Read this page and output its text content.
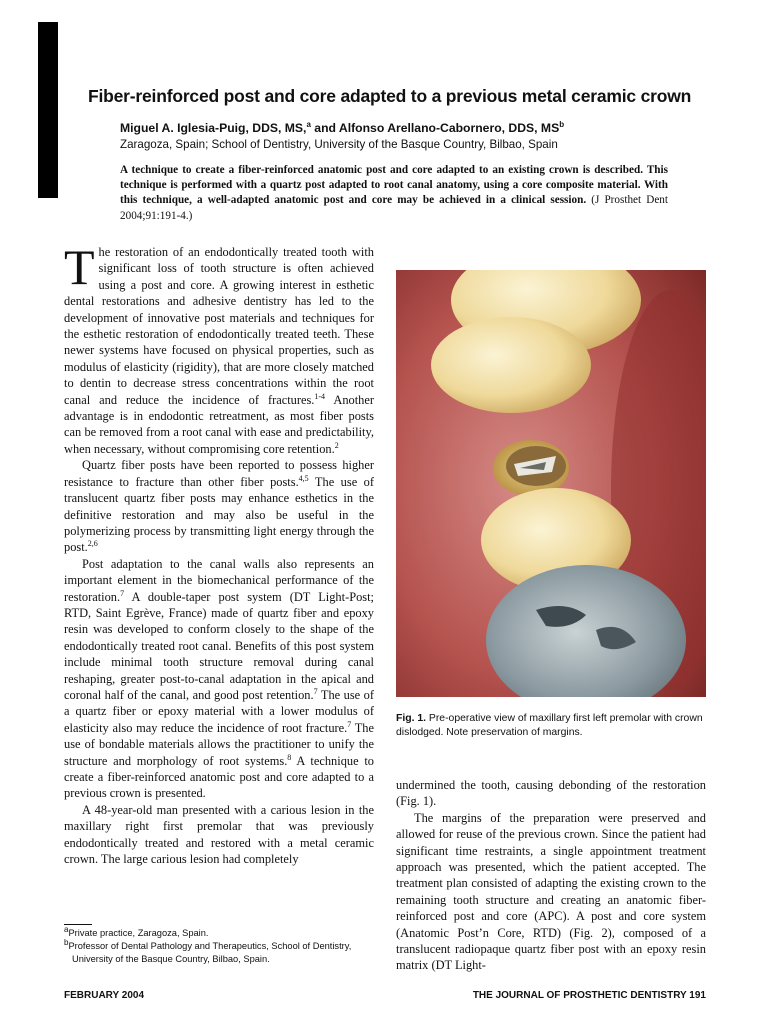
Fiber-reinforced post and core adapted to a previous metal ceramic crown
Miguel A. Iglesia-Puig, DDS, MS,$^a$ and Alfonso Arellano-Cabornero, DDS, $MS^b$
Zaragoza, Spain; School of Dentistry, University of the Basque Country, Bilbao, Spain
A technique to create a fiber-reinforced anatomic post and core adapted to an existing crown is described. This technique is performed with a quartz post adapted to root canal anatomy, using a core composite material. With this technique, a well-adapted anatomic post and core may be achieved in a clinical session. (J Prosthet Dent 2004;91:191-4.)

The restoration of an endodontically treated tooth with significant loss of tooth structure is often achieved using a post and core. A growing interest in esthetic dental restorations and adhesive dentistry has led to the development of innovative post materials and techniques for the esthetic restoration of endodontically treated teeth. These newer systems have focused on physical properties, such as modulus of elasticity (rigidity), that are more closely matched to dentin to decrease stress concentrations within the root canal and reduce the incidence of fractures.$^{1-4}$ Another advantage is in endodontic retreatment, as most fiber posts can be removed from a root canal with ease and predictability, when necessary, without compromising core retention.$^2$

Quartz fiber posts have been reported to possess higher resistance to fracture than other fiber posts.$^{4,5}$ The use of translucent quartz fiber posts may enhance esthetics in the definitive restoration and may also be useful in the polymerizing process by transmitting light energy through the post.$^{2,6}$

Post adaptation to the canal walls also represents an important element in the biomechanical performance of the restoration.$^7$ A double-taper post system (DT Light-Post; RTD, Saint Egrève, France) made of quartz fiber and epoxy resin was developed to conform closely to the shape of the endodontically treated root canal. Benefits of this post system include minimal tooth structure removal during canal reshaping, greater post-to-canal adaptation in the apical and coronal half of the canal, and good post retention.$^7$ The use of a quartz fiber or epoxy material with a lower modulus of elasticity also may reduce the incidence of root fracture.$^7$ The use of bondable materials allows the practitioner to unify the structure and morphology of root systems.$^8$ A technique to create a fiber-reinforced anatomic post and core adapted to a previous crown is presented.

A 48-year-old man presented with a carious lesion in the maxillary right first premolar that was previously endodontically treated and restored with a metal ceramic crown. The large carious lesion had completely

Fig. 1. Pre-operative view of maxillary first left premolar with crown dislodged. Note preservation of margins.

undermined the tooth, causing debonding of the restoration (Fig. 1).

The margins of the preparation were preserved and allowed for reuse of the previous crown. Since the patient had significant time restraints, a single appointment treatment approach was presented, which the patient accepted. The treatment plan consisted of adapting the existing crown to the remaining tooth structure and creating an anatomic fiber-reinforced post and core (APC). A post and core system (Anatomic Post’n Core, RTD) (Fig. 2), composed of a translucent radiopaque quartz fiber post with an epoxy resin matrix (DT Light-

$^a$Private practice, Zaragoza, Spain.

$^b$Professor of Dental Pathology and Therapeutics, School of Dentistry, University of the Basque Country, Bilbao, Spain.

FEBRUARY 2004	THE JOURNAL OF PROSTHETIC DENTISTRY 191
